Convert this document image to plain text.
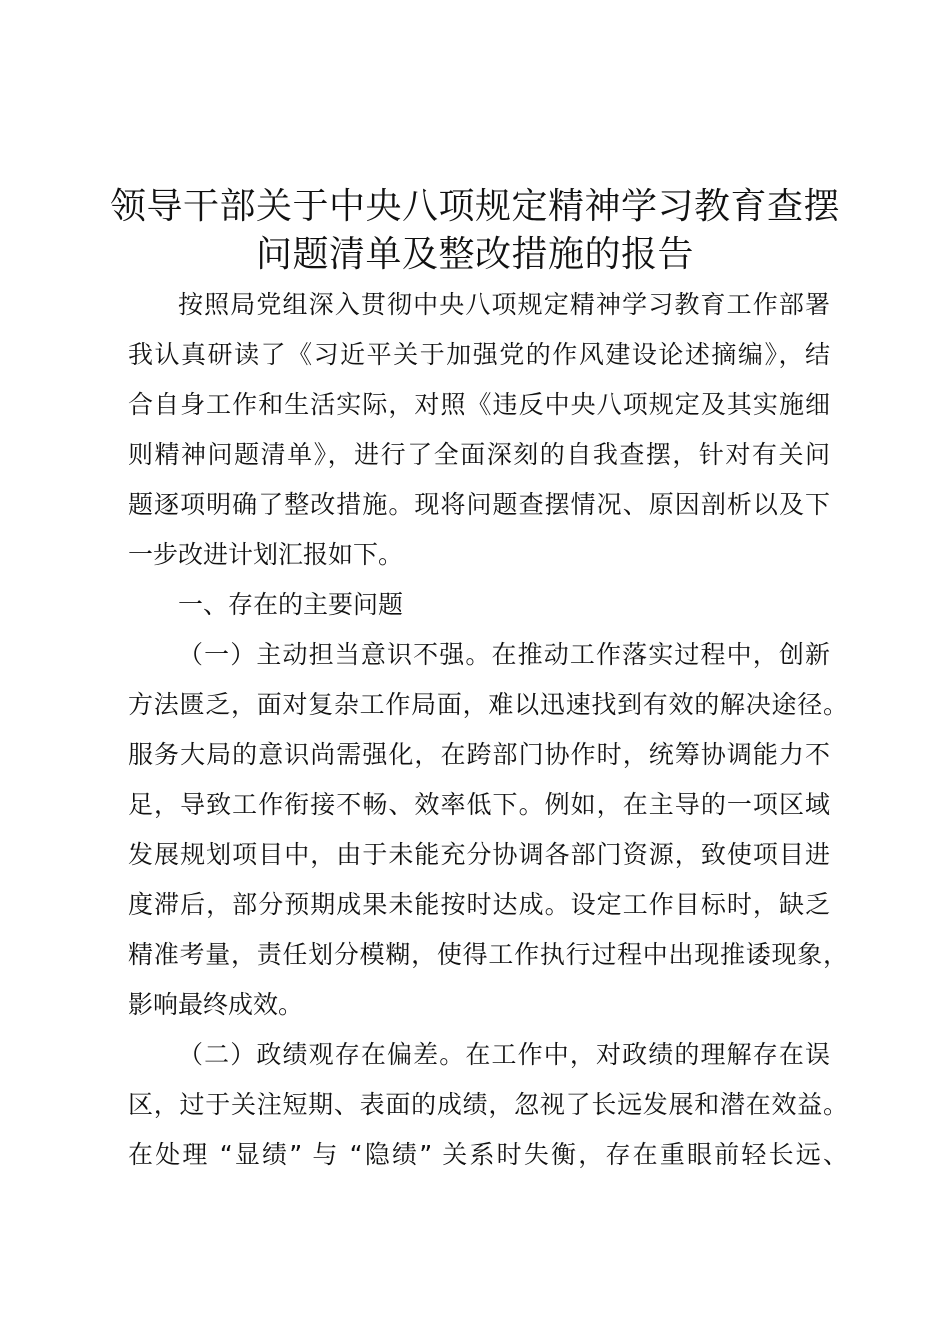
领导干部关于中央八项规定精神学习教育查摆
问题清单及整改措施的报告
按照局党组深入贯彻中央八项规定精神学习教育工作部署
我认真研读了《习近平关于加强党的作风建设论述摘编》，结
合自身工作和生活实际，对照《违反中央八项规定及其实施细
则精神问题清单》，进行了全面深刻的自我查摆，针对有关问
题逐项明确了整改措施。现将问题查摆情况、原因剖析以及下
一步改进计划汇报如下。
一、存在的主要问题
（一）主动担当意识不强。在推动工作落实过程中，创新
方法匮乏，面对复杂工作局面，难以迅速找到有效的解决途径。
服务大局的意识尚需强化，在跨部门协作时，统筹协调能力不
足，导致工作衔接不畅、效率低下。例如，在主导的一项区域
发展规划项目中，由于未能充分协调各部门资源，致使项目进
度滞后，部分预期成果未能按时达成。设定工作目标时，缺乏
精准考量，责任划分模糊，使得工作执行过程中出现推诿现象，
影响最终成效。
（二）政绩观存在偏差。在工作中，对政绩的理解存在误
区，过于关注短期、表面的成绩，忽视了长远发展和潜在效益。
在处理 “显绩” 与 “隐绩” 关系时失衡，存在重眼前轻长远、
